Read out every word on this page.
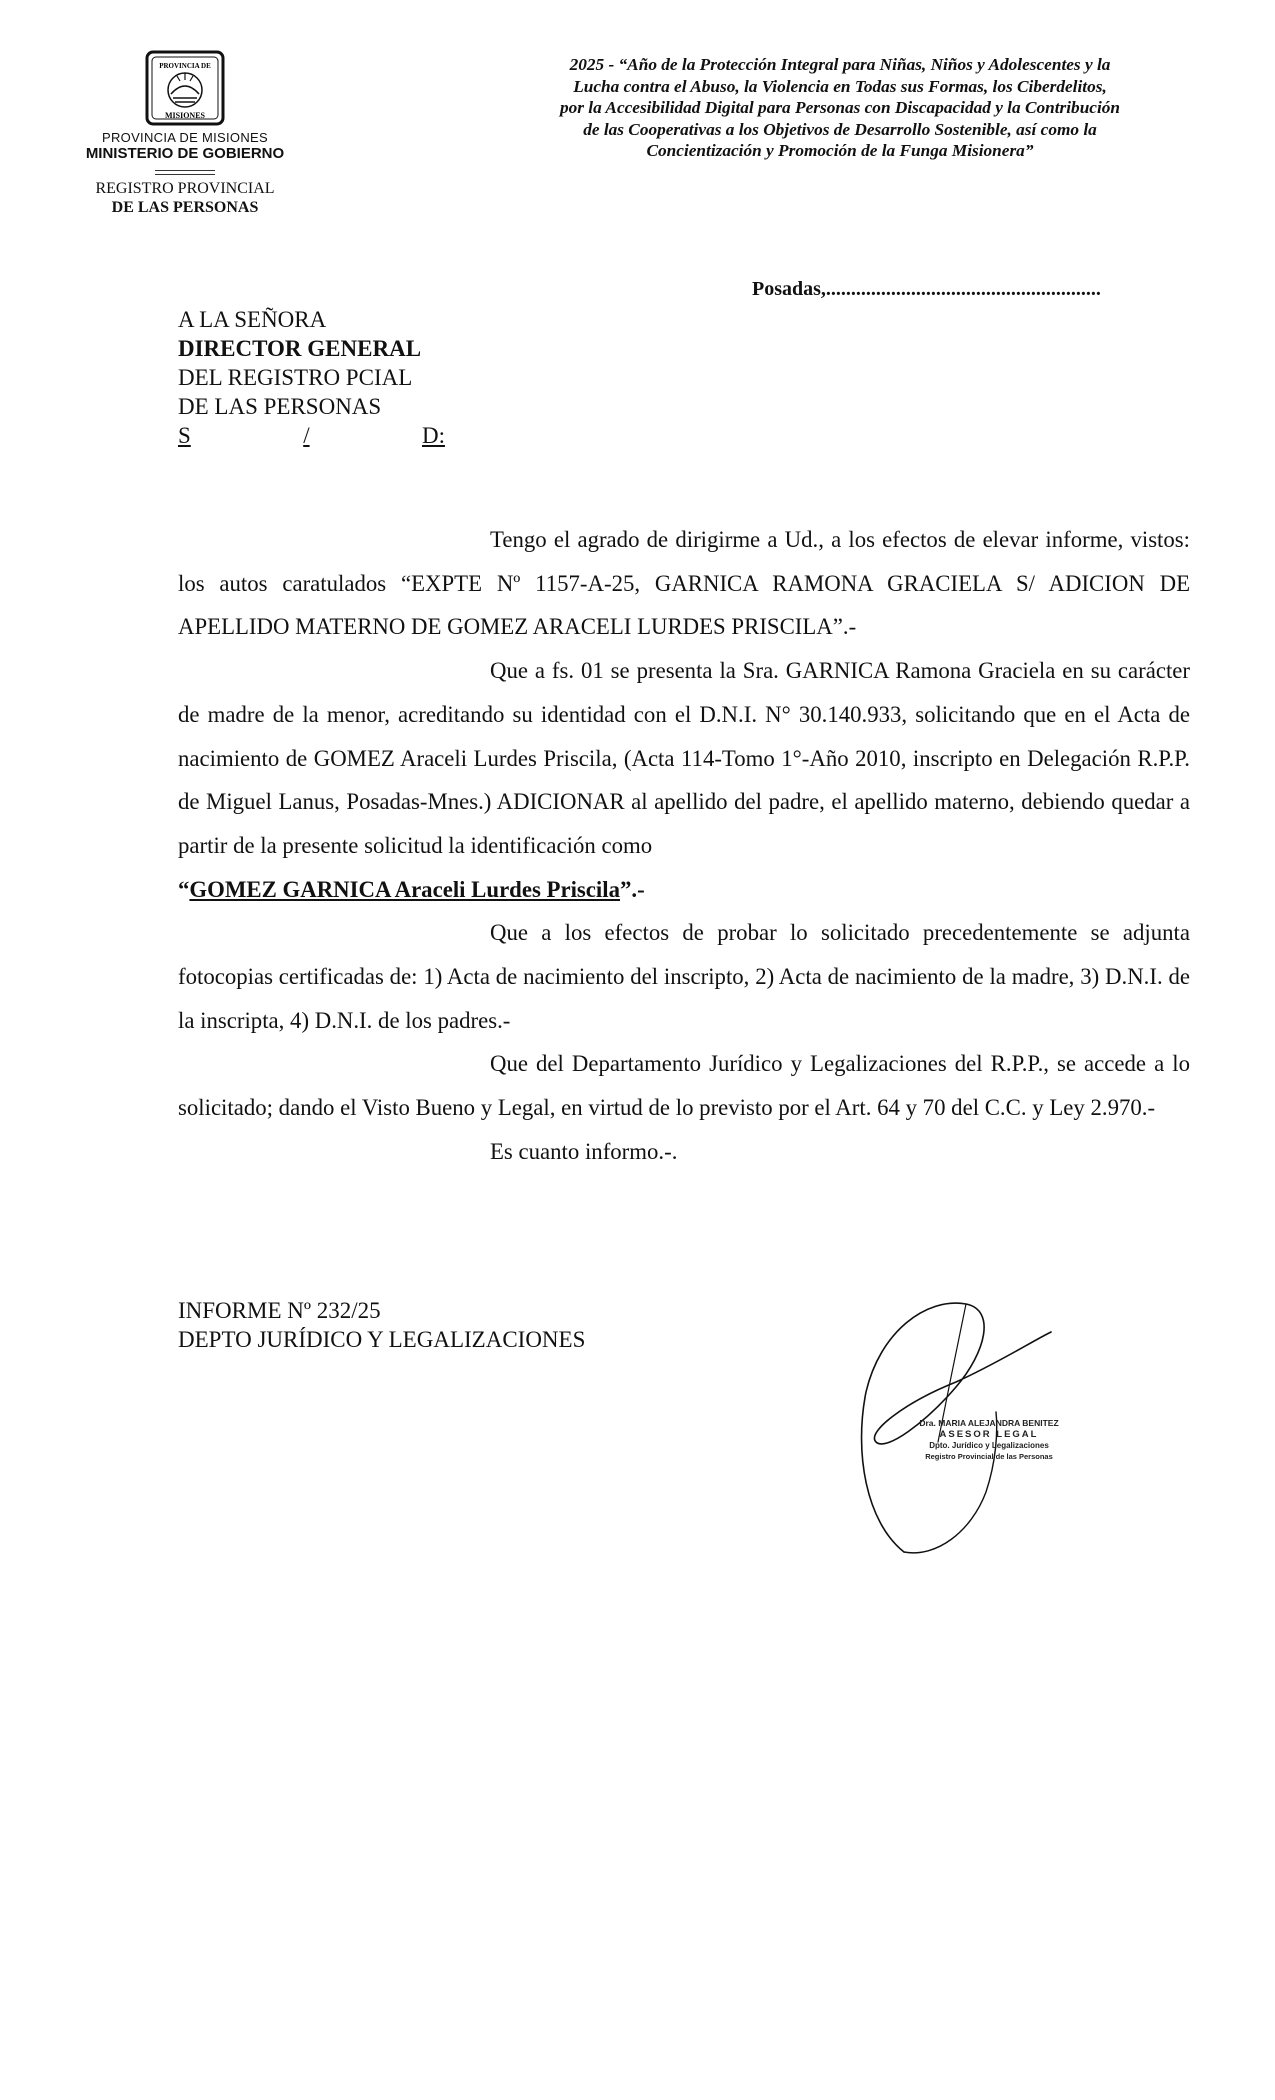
PROVINCIA DE
MISIONES
PROVINCIA DE MISIONES
MINISTERIO DE GOBIERNO
REGISTRO PROVINCIAL
DE LAS PERSONAS

2025 - “Año de la Protección Integral para Niñas, Niños y Adolescentes y la

Lucha contra el Abuso, la Violencia en Todas sus Formas, los Ciberdelitos,

por la Accesibilidad Digital para Personas con Discapacidad y la Contribución

de las Cooperativas a los Objetivos de Desarrollo Sostenible, así como la

Concientización y Promoción de la Funga Misionera”

Posadas,.......................................................
A LA SEÑORA
DIRECTOR GENERAL
DEL REGISTRO PCIAL
DE LAS PERSONAS
S	/	D:

Tengo el agrado de dirigirme a Ud., a los efectos de elevar informe, vistos: los autos caratulados “EXPTE Nº 1157-A-25, GARNICA RAMONA GRACIELA S/ ADICION DE APELLIDO MATERNO DE GOMEZ ARACELI LURDES PRISCILA”.-

Que a fs. 01 se presenta la Sra. GARNICA Ramona Graciela en su carácter de madre de la menor, acreditando su identidad con el D.N.I. N° 30.140.933, solicitando que en el Acta de nacimiento de GOMEZ Araceli Lurdes Priscila, (Acta 114-Tomo 1°-Año 2010, inscripto en Delegación R.P.P. de Miguel Lanus, Posadas-Mnes.) ADICIONAR al apellido del padre, el apellido materno, debiendo quedar a partir de la presente solicitud la identificación como

“GOMEZ GARNICA Araceli Lurdes Priscila”.-

Que a los efectos de probar lo solicitado precedentemente se adjunta fotocopias certificadas de: 1) Acta de nacimiento del inscripto, 2) Acta de nacimiento de la madre, 3) D.N.I. de la inscripta, 4) D.N.I. de los padres.-

Que del Departamento Jurídico y Legalizaciones del R.P.P., se accede a lo solicitado; dando el Visto Bueno y Legal, en virtud de lo previsto por el Art. 64 y 70 del C.C. y Ley 2.970.-

Es cuanto informo.-.

INFORME Nº 232/25
DEPTO JURÍDICO Y LEGALIZACIONES
Dra. MARIA ALEJANDRA BENITEZ
ASESOR LEGAL
Dpto. Jurídico y Legalizaciones
Registro Provincial de las Personas
